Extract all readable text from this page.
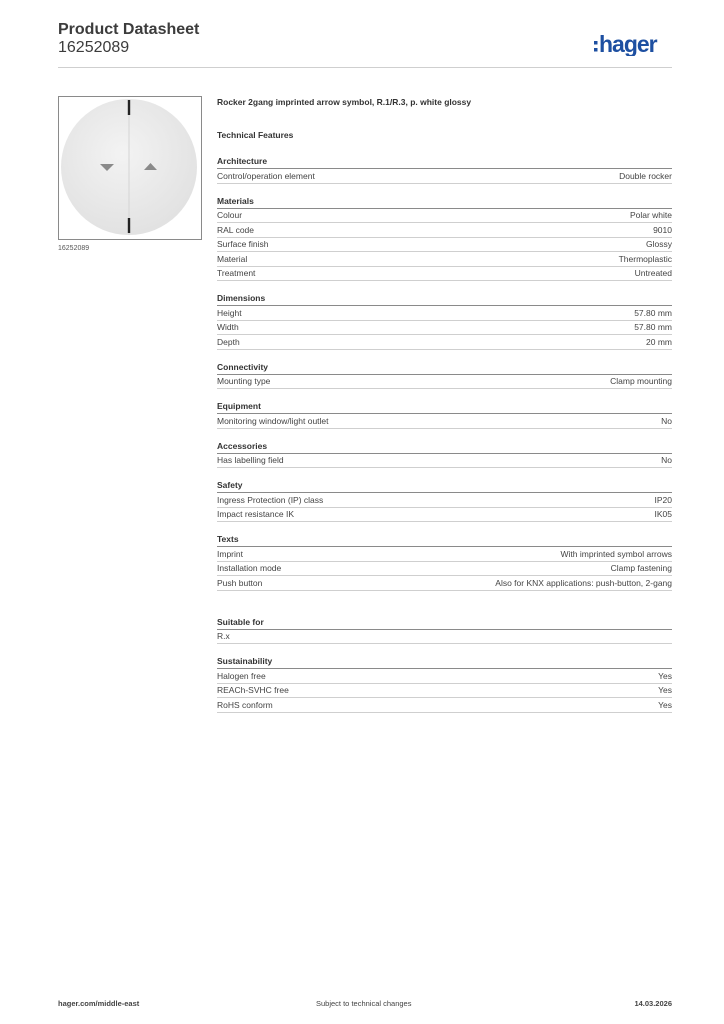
Product Datasheet
16252089	hager
16252089
Rocker 2gang imprinted arrow symbol, R.1/R.3, p. white glossy
Technical Features
Architecture
Control/operation element	Double rocker
Materials
Colour	Polar white
RAL code	9010
Surface finish	Glossy
Material	Thermoplastic
Treatment	Untreated
Dimensions
Height	57.80 mm
Width	57.80 mm
Depth	20 mm
Connectivity
Mounting type	Clamp mounting
Equipment
Monitoring window/light outlet	No
Accessories
Has labelling field	No
Safety
Ingress Protection (IP) class	IP20
Impact resistance IK	IK05
Texts
Imprint	With imprinted symbol arrows
Installation mode	Clamp fastening
Push button	Also for KNX applications: push-button, 2-gang
Suitable for
R.x
Sustainability
Halogen free	Yes
REACh-SVHC free	Yes
RoHS conform	Yes
hager.com/middle-east	Subject to technical changes	14.03.2026
